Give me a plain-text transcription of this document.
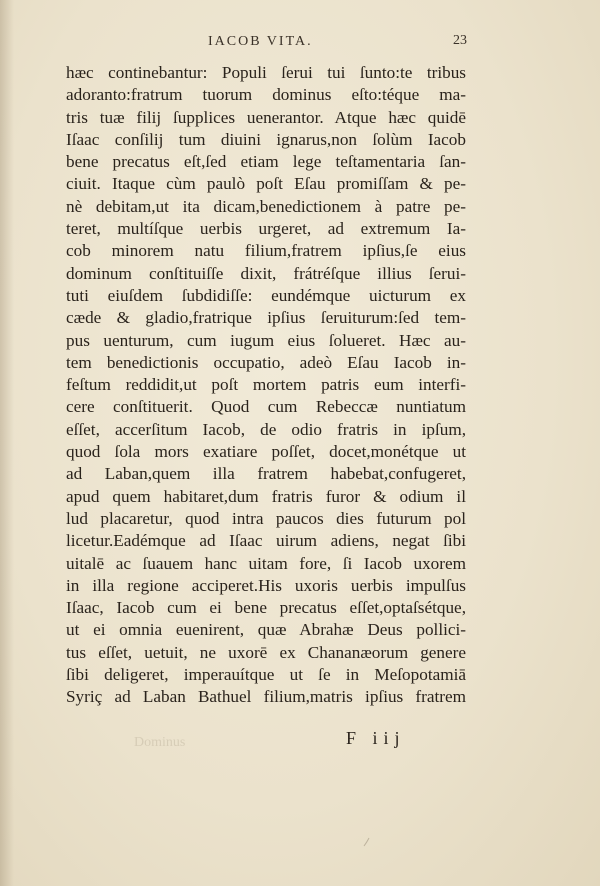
IACOB VITA.	23
hæc continebantur: Populi ſerui tui ſunto:te tribus
adoranto:fratrum tuorum dominus eſto:téque ma-
tris tuæ filij ſupplices uenerantor. Atque hæc quidē
Iſaac conſilij tum diuini ignarus,non ſolùm Iacob
bene precatus eſt,ſed etiam lege teſtamentaria ſan-
ciuit. Itaque cùm paulò poſt Eſau promiſſam & pe-
nè debitam,ut ita dicam,benedictionem à patre pe-
teret, multíſque uerbis urgeret, ad extremum Ia-
cob minorem natu filium,fratrem ipſius,ſe eius
dominum conſtituiſſe dixit, frátréſque illius ſerui-
tuti eiuſdem ſubdidiſſe: eundémque uicturum ex
cæde & gladio,fratrique ipſius ſeruiturum:ſed tem-
pus uenturum, cum iugum eius ſolueret. Hæc au-
tem benedictionis occupatio, adeò Eſau Iacob in-
feſtum reddidit,ut poſt mortem patris eum interfi-
cere conſtituerit. Quod cum Rebeccæ nuntiatum
eſſet, accerſitum Iacob, de odio fratris in ipſum,
quod ſola mors exatiare poſſet, docet,monétque ut
ad Laban,quem illa fratrem habebat,confugeret,
apud quem habitaret,dum fratris furor & odium il
lud placaretur, quod intra paucos dies futurum pol
licetur.Eadémque ad Iſaac uirum adiens, negat ſibi
uitalē ac ſuauem hanc uitam fore, ſi Iacob uxorem
in illa regione acciperet.His uxoris uerbis impulſus
Iſaac, Iacob cum ei bene precatus eſſet,optaſsétque,
ut ei omnia euenirent, quæ Abrahæ Deus pollici-
tus eſſet, uetuit, ne uxorē ex Chananæorum genere
ſibi deligeret, imperauítque ut ſe in Meſopotamiā
Syriç ad Laban Bathuel filium,matris ipſius fratrem
Dominus	F iij
